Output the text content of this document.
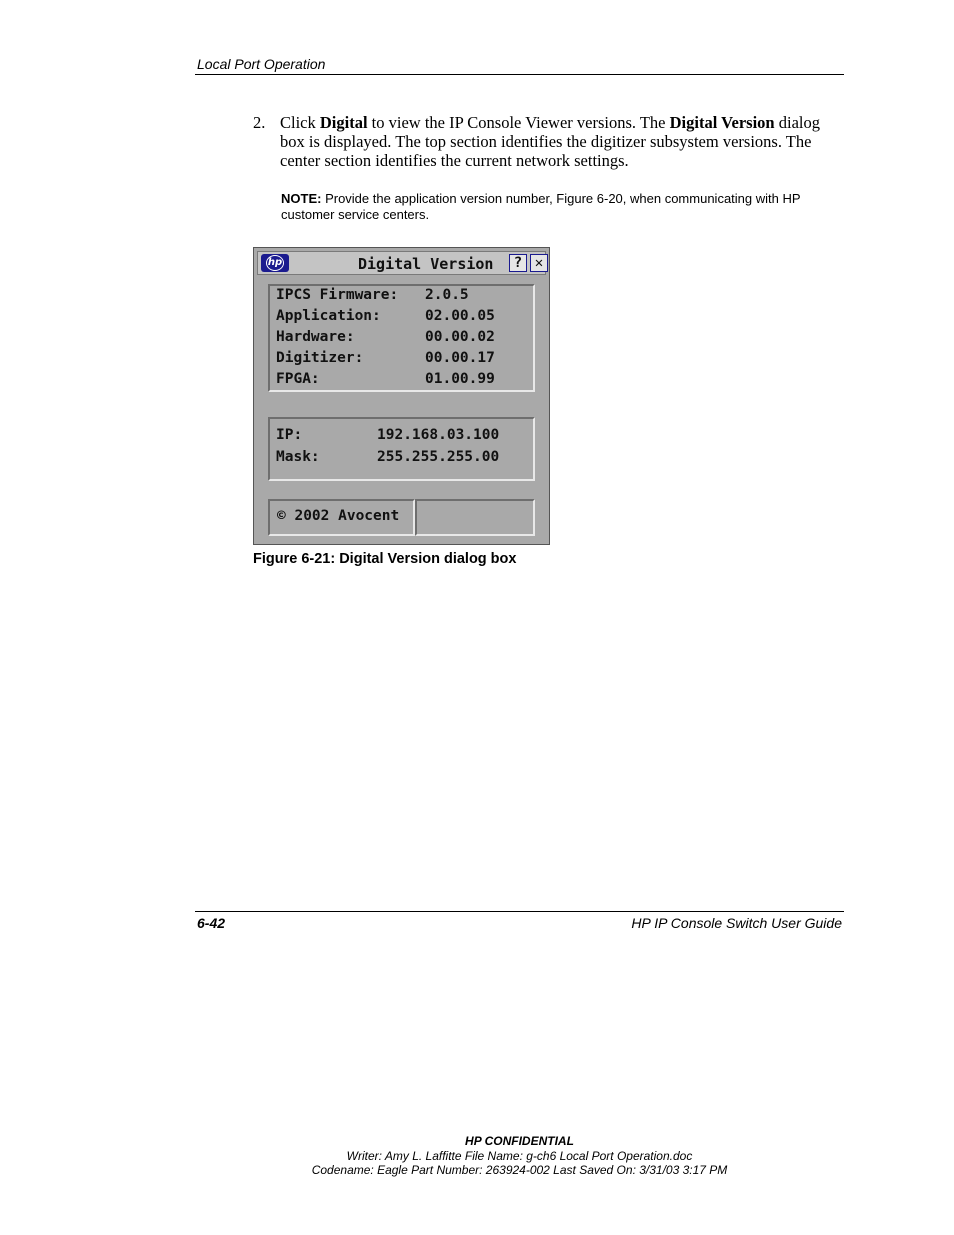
Local Port Operation
2. Click Digital to view the IP Console Viewer versions. The Digital Version dialog box is displayed. The top section identifies the digitizer subsystem versions. The center section identifies the current network settings.
NOTE: Provide the application version number, Figure 6-20, when communicating with HP customer service centers.
hp	Digital Version	? ✕
IPCS Firmware: 2.0.5
Application:	02.00.05
Hardware:	00.00.02
Digitizer:	00.00.17
FPGA:	01.00.99
IP:	192.168.03.100
Mask:	255.255.255.00
© 2002 Avocent
Figure 6-21: Digital Version dialog box
6-42	HP IP Console Switch User Guide
HP CONFIDENTIAL
Writer: Amy L. Laffitte File Name: g-ch6 Local Port Operation.doc
Codename: Eagle Part Number: 263924-002 Last Saved On: 3/31/03 3:17 PM
